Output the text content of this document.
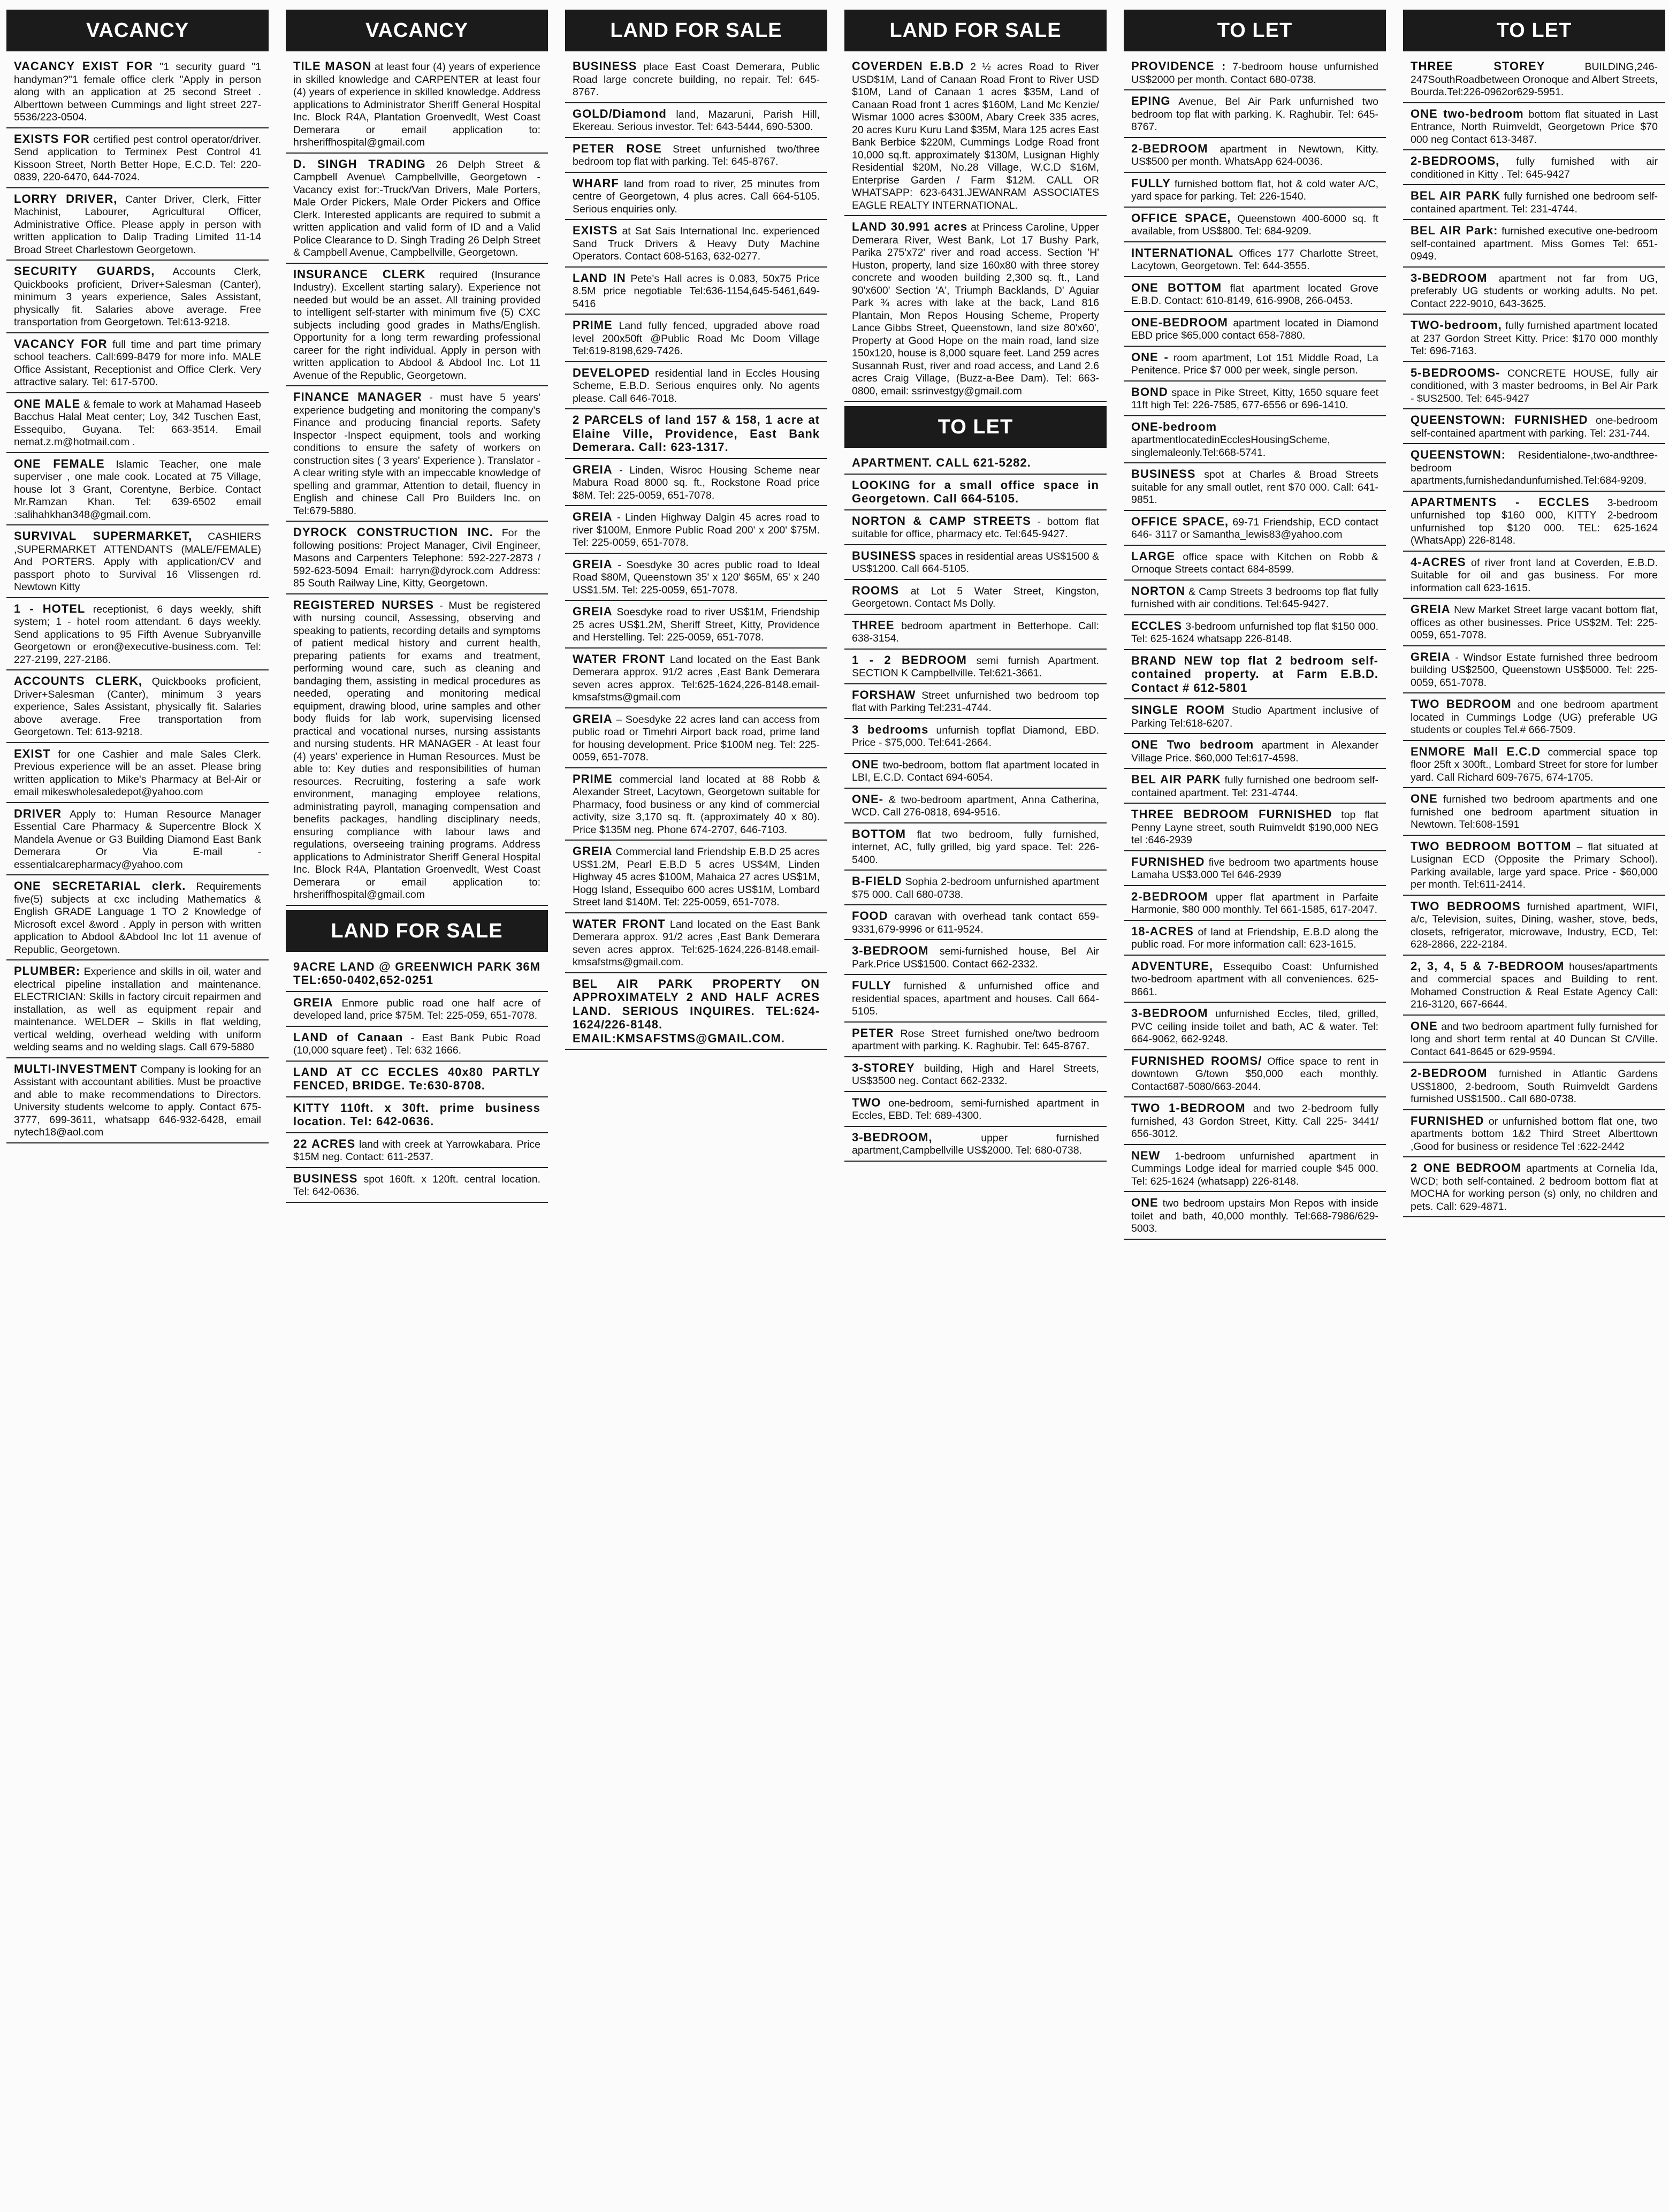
VACANCY
VACANCY EXIST FOR "1 security guard "1 handyman?"1 female office clerk "Apply in person along with an application at 25 second Street . Alberttown between Cummings and light street 227-5536/223-0504.
EXISTS FOR certified pest control operator/driver. Send application to Terminex Pest Control 41 Kissoon Street, North Better Hope, E.C.D. Tel: 220-0839, 220-6470, 644-7024.
LORRY DRIVER, Canter Driver, Clerk, Fitter Machinist, Labourer, Agricultural Officer, Administrative Office. Please apply in person with written application to Dalip Trading Limited 11-14 Broad Street Charlestown Georgetown.
SECURITY GUARDS, Accounts Clerk, Quickbooks proficient, Driver+Salesman (Canter), minimum 3 years experience, Sales Assistant, physically fit. Salaries above average. Free transportation from Georgetown. Tel:613-9218.
VACANCY FOR full time and part time primary school teachers. Call:699-8479 for more info. MALE Office Assistant, Receptionist and Office Clerk. Very attractive salary. Tel: 617-5700.
ONE MALE & female to work at Mahamad Haseeb Bacchus Halal Meat center; Loy, 342 Tuschen East, Essequibo, Guyana. Tel: 663-3514. Email nemat.z.m@hotmail.com .
ONE FEMALE Islamic Teacher, one male superviser , one male cook. Located at 75 Village, house lot 3 Grant, Corentyne, Berbice. Contact Mr.Ramzan Khan. Tel: 639-6502 email :salihahkhan348@gmail.com.
SURVIVAL SUPERMARKET, CASHIERS ,SUPERMARKET ATTENDANTS (MALE/FEMALE) And PORTERS. Apply with application/CV and passport photo to Survival 16 Vlissengen rd. Newtown Kitty
1 - HOTEL receptionist, 6 days weekly, shift system; 1 - hotel room attendant. 6 days weekly. Send applications to 95 Fifth Avenue Subryanville Georgetown or eron@executive-business.com. Tel: 227-2199, 227-2186.
ACCOUNTS CLERK, Quickbooks proficient, Driver+Salesman (Canter), minimum 3 years experience, Sales Assistant, physically fit. Salaries above average. Free transportation from Georgetown. Tel: 613-9218.
EXIST for one Cashier and male Sales Clerk. Previous experience will be an asset. Please bring written application to Mike's Pharmacy at Bel-Air or email mikeswholesaledepot@yahoo.com
DRIVER Apply to: Human Resource Manager Essential Care Pharmacy & Supercentre Block X Mandela Avenue or G3 Building Diamond East Bank Demerara Or Via E-mail - essentialcarepharmacy@yahoo.com
ONE SECRETARIAL clerk. Requirements five(5) subjects at cxc including Mathematics & English GRADE Language 1 TO 2 Knowledge of Microsoft excel &word . Apply in person with written application to Abdool &Abdool Inc lot 11 avenue of Republic, Georgetown.
PLUMBER: Experience and skills in oil, water and electrical pipeline installation and maintenance. ELECTRICIAN: Skills in factory circuit repairmen and installation, as well as equipment repair and maintenance. WELDER – Skills in flat welding, vertical welding, overhead welding with uniform welding seams and no welding slags. Call 679-5880
MULTI-INVESTMENT Company is looking for an Assistant with accountant abilities. Must be proactive and able to make recommendations to Directors. University students welcome to apply. Contact 675-3777, 699-3611, whatsapp 646-932-6428, email nytech18@aol.com
VACANCY
TILE MASON at least four (4) years of experience in skilled knowledge and CARPENTER at least four (4) years of experience in skilled knowledge. Address applications to Administrator Sheriff General Hospital Inc. Block R4A, Plantation Groenvedlt, West Coast Demerara or email application to: hrsheriffhospital@gmail.com
D. SINGH TRADING 26 Delph Street & Campbell Avenue\ Campbellville, Georgetown - Vacancy exist for:-Truck/Van Drivers, Male Porters, Male Order Pickers, Male Order Pickers and Office Clerk. Interested applicants are required to submit a written application and valid form of ID and a Valid Police Clearance to D. Singh Trading 26 Delph Street & Campbell Avenue, Campbellville, Georgetown.
INSURANCE CLERK required (Insurance Industry). Excellent starting salary). Experience not needed but would be an asset. All training provided to intelligent self-starter with minimum five (5) CXC subjects including good grades in Maths/English. Opportunity for a long term rewarding professional career for the right individual. Apply in person with written application to Abdool & Abdool Inc. Lot 11 Avenue of the Republic, Georgetown.
FINANCE MANAGER - must have 5 years' experience budgeting and monitoring the company's Finance and producing financial reports. Safety Inspector -Inspect equipment, tools and working conditions to ensure the safety of workers on construction sites ( 3 years' Experience ). Translator - A clear writing style with an impeccable knowledge of spelling and grammar, Attention to detail, fluency in English and chinese Call Pro Builders Inc. on Tel:679-5880.
DYROCK CONSTRUCTION INC. For the following positions: Project Manager, Civil Engineer, Masons and Carpenters Telephone: 592-227-2873 / 592-623-5094 Email: harryn@dyrock.com Address: 85 South Railway Line, Kitty, Georgetown.
REGISTERED NURSES - Must be registered with nursing council, Assessing, observing and speaking to patients, recording details and symptoms of patient medical history and current health, preparing patients for exams and treatment, performing wound care, such as cleaning and bandaging them, assisting in medical procedures as needed, operating and monitoring medical equipment, drawing blood, urine samples and other body fluids for lab work, supervising licensed practical and vocational nurses, nursing assistants and nursing students. HR MANAGER - At least four (4) years' experience in Human Resources. Must be able to: Key duties and responsibilities of human resources. Recruiting, fostering a safe work environment, managing employee relations, administrating payroll, managing compensation and benefits packages, handling disciplinary needs, ensuring compliance with labour laws and regulations, overseeing training programs. Address applications to Administrator Sheriff General Hospital Inc. Block R4A, Plantation Groenvedlt, West Coast Demerara or email application to: hrsheriffhospital@gmail.com
LAND FOR SALE
9ACRE LAND @ GREENWICH PARK 36M TEL:650-0402,652-0251
GREIA Enmore public road one half acre of developed land, price $75M. Tel: 225-059, 651-7078.
LAND of Canaan - East Bank Pubic Road (10,000 square feet) . Tel: 632 1666.
LAND AT CC ECCLES 40x80 PARTLY FENCED, BRIDGE. Te:630-8708.
KITTY 110ft. x 30ft. prime business location. Tel: 642-0636.
22 ACRES land with creek at Yarrowkabara. Price $15M neg. Contact: 611-2537.
BUSINESS spot 160ft. x 120ft. central location. Tel: 642-0636.
LAND FOR SALE
BUSINESS place East Coast Demerara, Public Road large concrete building, no repair. Tel: 645-8767.
GOLD/Diamond land, Mazaruni, Parish Hill, Ekereau. Serious investor. Tel: 643-5444, 690-5300.
PETER ROSE Street unfurnished two/three bedroom top flat with parking. Tel: 645-8767.
WHARF land from road to river, 25 minutes from centre of Georgetown, 4 plus acres. Call 664-5105. Serious enquiries only.
EXISTS at Sat Sais International Inc. experienced Sand Truck Drivers & Heavy Duty Machine Operators. Contact 608-5163, 632-0277.
LAND IN Pete's Hall acres is 0.083, 50x75 Price 8.5M price negotiable Tel:636-1154,645-5461,649-5416
PRIME Land fully fenced, upgraded above road level 200x50ft @Public Road Mc Doom Village Tel:619-8198,629-7426.
DEVELOPED residential land in Eccles Housing Scheme, E.B.D. Serious enquires only. No agents please. Call 646-7018.
2 PARCELS of land 157 & 158, 1 acre at Elaine Ville, Providence, East Bank Demerara. Call: 623-1317.
GREIA - Linden, Wisroc Housing Scheme near Mabura Road 8000 sq. ft., Rockstone Road price $8M. Tel: 225-0059, 651-7078.
GREIA - Linden Highway Dalgin 45 acres road to river $100M, Enmore Public Road 200' x 200' $75M. Tel: 225-0059, 651-7078.
GREIA - Soesdyke 30 acres public road to Ideal Road $80M, Queenstown 35' x 120' $65M, 65' x 240 US$1.5M. Tel: 225-0059, 651-7078.
GREIA Soesdyke road to river US$1M, Friendship 25 acres US$1.2M, Sheriff Street, Kitty, Providence and Herstelling. Tel: 225-0059, 651-7078.
WATER FRONT Land located on the East Bank Demerara approx. 91/2 acres ,East Bank Demerara seven acres approx. Tel:625-1624,226-8148.email-kmsafstms@gmail.com
GREIA – Soesdyke 22 acres land can access from public road or Timehri Airport back road, prime land for housing development. Price $100M neg. Tel: 225-0059, 651-7078.
PRIME commercial land located at 88 Robb & Alexander Street, Lacytown, Georgetown suitable for Pharmacy, food business or any kind of commercial activity, size 3,170 sq. ft. (approximately 40 x 80). Price $135M neg. Phone 674-2707, 646-7103.
GREIA Commercial land Friendship E.B.D 25 acres US$1.2M, Pearl E.B.D 5 acres US$4M, Linden Highway 45 acres $100M, Mahaica 27 acres US$1M, Hogg Island, Essequibo 600 acres US$1M, Lombard Street land $140M. Tel: 225-0059, 651-7078.
WATER FRONT Land located on the East Bank Demerara approx. 91/2 acres ,East Bank Demerara seven acres approx. Tel:625-1624,226-8148.email-kmsafstms@gmail.com.
BEL AIR PARK PROPERTY ON APPROXIMATELY 2 AND HALF ACRES LAND. SERIOUS INQUIRES. TEL:624-1624/226-8148. EMAIL:KMSAFSTMS@GMAIL.COM.
LAND FOR SALE
COVERDEN E.B.D 2 ½ acres Road to River USD$1M, Land of Canaan Road Front to River USD $10M, Land of Canaan 1 acres $35M, Land of Canaan Road front 1 acres $160M, Land Mc Kenzie/ Wismar 1000 acres $300M, Abary Creek 335 acres, 20 acres Kuru Kuru Land $35M, Mara 125 acres East Bank Berbice $220M, Cummings Lodge Road front 10,000 sq.ft. approximately $130M, Lusignan Highly Residential $20M, No.28 Village, W.C.D $16M, Enterprise Garden / Farm $12M. CALL OR WHATSAPP: 623-6431.JEWANRAM ASSOCIATES EAGLE REALTY INTERNATIONAL.
LAND 30.991 acres at Princess Caroline, Upper Demerara River, West Bank, Lot 17 Bushy Park, Parika 275'x72' river and road access. Section 'H' Huston, property, land size 160x80 with three storey concrete and wooden building 2,300 sq. ft., Land 90'x600' Section 'A', Triumph Backlands, D' Aguiar Park ¾ acres with lake at the back, Land 816 Plantain, Mon Repos Housing Scheme, Property Lance Gibbs Street, Queenstown, land size 80'x60', Property at Good Hope on the main road, land size 150x120, house is 8,000 square feet. Land 259 acres Susannah Rust, river and road access, and Land 2.6 acres Craig Village, (Buzz-a-Bee Dam). Tel: 663-0800, email: ssrinvestgy@gmail.com
TO LET
APARTMENT. CALL 621-5282.
LOOKING for a small office space in Georgetown. Call 664-5105.
NORTON & CAMP STREETS - bottom flat suitable for office, pharmacy etc. Tel:645-9427.
BUSINESS spaces in residential areas US$1500 & US$1200. Call 664-5105.
ROOMS at Lot 5 Water Street, Kingston, Georgetown. Contact Ms Dolly.
THREE bedroom apartment in Betterhope. Call: 638-3154.
1 - 2 BEDROOM semi furnish Apartment. SECTION K Campbellville. Tel:621-3661.
FORSHAW Street unfurnished two bedroom top flat with Parking Tel:231-4744.
3 bedrooms unfurnish topflat Diamond, EBD. Price - $75,000. Tel:641-2664.
ONE two-bedroom, bottom flat apartment located in LBI, E.C.D. Contact 694-6054.
ONE- & two-bedroom apartment, Anna Catherina, WCD. Call 276-0818, 694-9516.
BOTTOM flat two bedroom, fully furnished, internet, AC, fully grilled, big yard space. Tel: 226-5400.
B-FIELD Sophia 2-bedroom unfurnished apartment $75 000. Call 680-0738.
FOOD caravan with overhead tank contact 659-9331,679-9996 or 611-9524.
3-BEDROOM semi-furnished house, Bel Air Park.Price US$1500. Contact 662-2332.
FULLY furnished & unfurnished office and residential spaces, apartment and houses. Call 664-5105.
PETER Rose Street furnished one/two bedroom apartment with parking. K. Raghubir. Tel: 645-8767.
3-STOREY building, High and Harel Streets, US$3500 neg. Contact 662-2332.
TWO one-bedroom, semi-furnished apartment in Eccles, EBD. Tel: 689-4300.
3-BEDROOM, upper furnished apartment,Campbellville US$2000. Tel: 680-0738.
TO LET
PROVIDENCE : 7-bedroom house unfurnished US$2000 per month. Contact 680-0738.
EPING Avenue, Bel Air Park unfurnished two bedroom top flat with parking. K. Raghubir. Tel: 645-8767.
2-BEDROOM apartment in Newtown, Kitty. US$500 per month. WhatsApp 624-0036.
FULLY furnished bottom flat, hot & cold water A/C, yard space for parking. Tel: 226-1540.
OFFICE SPACE, Queenstown 400-6000 sq. ft available, from US$800. Tel: 684-9209.
INTERNATIONAL Offices 177 Charlotte Street, Lacytown, Georgetown. Tel: 644-3555.
ONE BOTTOM flat apartment located Grove E.B.D. Contact: 610-8149, 616-9908, 266-0453.
ONE-BEDROOM apartment located in Diamond EBD price $65,000 contact 658-7880.
ONE - room apartment, Lot 151 Middle Road, La Penitence. Price $7 000 per week, single person.
BOND space in Pike Street, Kitty, 1650 square feet 11ft high Tel: 226-7585, 677-6556 or 696-1410.
ONE-bedroom apartmentlocatedinEcclesHousingScheme, singlemaleonly.Tel:668-5741.
BUSINESS spot at Charles & Broad Streets suitable for any small outlet, rent $70 000. Call: 641-9851.
OFFICE SPACE, 69-71 Friendship, ECD contact 646- 3117 or Samantha_lewis83@yahoo.com
LARGE office space with Kitchen on Robb & Ornoque Streets contact 684-8599.
NORTON & Camp Streets 3 bedrooms top flat fully furnished with air conditions. Tel:645-9427.
ECCLES 3-bedroom unfurnished top flat $150 000. Tel: 625-1624 whatsapp 226-8148.
BRAND NEW top flat 2 bedroom self-contained property. at Farm E.B.D. Contact # 612-5801
SINGLE ROOM Studio Apartment inclusive of Parking Tel:618-6207.
ONE Two bedroom apartment in Alexander Village Price. $60,000 Tel:617-4598.
BEL AIR PARK fully furnished one bedroom self-contained apartment. Tel: 231-4744.
THREE BEDROOM FURNISHED top flat Penny Layne street, south Ruimveldt $190,000 NEG tel :646-2939
FURNISHED five bedroom two apartments house Lamaha US$3.000 Tel 646-2939
2-BEDROOM upper flat apartment in Parfaite Harmonie, $80 000 monthly. Tel 661-1585, 617-2047.
18-ACRES of land at Friendship, E.B.D along the public road. For more information call: 623-1615.
ADVENTURE, Essequibo Coast: Unfurnished two-bedroom apartment with all conveniences. 625-8661.
3-BEDROOM unfurnished Eccles, tiled, grilled, PVC ceiling inside toilet and bath, AC & water. Tel: 664-9062, 662-9248.
FURNISHED ROOMS/ Office space to rent in downtown G/town $50,000 each monthly. Contact687-5080/663-2044.
TWO 1-BEDROOM and two 2-bedroom fully furnished, 43 Gordon Street, Kitty. Call 225- 3441/ 656-3012.
NEW 1-bedroom unfurnished apartment in Cummings Lodge ideal for married couple $45 000. Tel: 625-1624 (whatsapp) 226-8148.
ONE two bedroom upstairs Mon Repos with inside toilet and bath, 40,000 monthly. Tel:668-7986/629-5003.
TO LET
THREE STOREY BUILDING,246-247SouthRoadbetween Oronoque and Albert Streets, Bourda.Tel:226-0962or629-5951.
ONE two-bedroom bottom flat situated in Last Entrance, North Ruimveldt, Georgetown Price $70 000 neg Contact 613-3487.
2-BEDROOMS, fully furnished with air conditioned in Kitty . Tel: 645-9427
BEL AIR PARK fully furnished one bedroom self-contained apartment. Tel: 231-4744.
BEL AIR Park: furnished executive one-bedroom self-contained apartment. Miss Gomes Tel: 651-0949.
3-BEDROOM apartment not far from UG, preferably UG students or working adults. No pet. Contact 222-9010, 643-3625.
TWO-bedroom, fully furnished apartment located at 237 Gordon Street Kitty. Price: $170 000 monthly Tel: 696-7163.
5-BEDROOMS- CONCRETE HOUSE, fully air conditioned, with 3 master bedrooms, in Bel Air Park - $US2500. Tel: 645-9427
QUEENSTOWN: FURNISHED one-bedroom self-contained apartment with parking. Tel: 231-744.
QUEENSTOWN: Residentialone-,two-andthree-bedroom apartments,furnishedandunfurnished.Tel:684-9209.
APARTMENTS - ECCLES 3-bedroom unfurnished top $160 000, KITTY 2-bedroom unfurnished top $120 000. TEL: 625-1624 (WhatsApp) 226-8148.
4-ACRES of river front land at Coverden, E.B.D. Suitable for oil and gas business. For more information call 623-1615.
GREIA New Market Street large vacant bottom flat, offices as other businesses. Price US$2M. Tel: 225-0059, 651-7078.
GREIA - Windsor Estate furnished three bedroom building US$2500, Queenstown US$5000. Tel: 225-0059, 651-7078.
TWO BEDROOM and one bedroom apartment located in Cummings Lodge (UG) preferable UG students or couples Tel.# 666-7509.
ENMORE Mall E.C.D commercial space top floor 25ft x 300ft., Lombard Street for store for lumber yard. Call Richard 609-7675, 674-1705.
ONE furnished two bedroom apartments and one furnished one bedroom apartment situation in Newtown. Tel:608-1591
TWO BEDROOM BOTTOM – flat situated at Lusignan ECD (Opposite the Primary School). Parking available, large yard space. Price - $60,000 per month. Tel:611-2414.
TWO BEDROOMS furnished apartment, WIFI, a/c, Television, suites, Dining, washer, stove, beds, closets, refrigerator, microwave, Industry, ECD, Tel: 628-2866, 222-2184.
2, 3, 4, 5 & 7-BEDROOM houses/apartments and commercial spaces and Building to rent. Mohamed Construction & Real Estate Agency Call: 216-3120, 667-6644.
ONE and two bedroom apartment fully furnished for long and short term rental at 40 Duncan St C/Ville. Contact 641-8645 or 629-9594.
2-BEDROOM furnished in Atlantic Gardens US$1800, 2-bedroom, South Ruimveldt Gardens furnished US$1500.. Call 680-0738.
FURNISHED or unfurnished bottom flat one, two apartments bottom 1&2 Third Street Alberttown ,Good for business or residence Tel :622-2442
2 ONE BEDROOM apartments at Cornelia Ida, WCD; both self-contained. 2 bedroom bottom flat at MOCHA for working person (s) only, no children and pets. Call: 629-4871.
